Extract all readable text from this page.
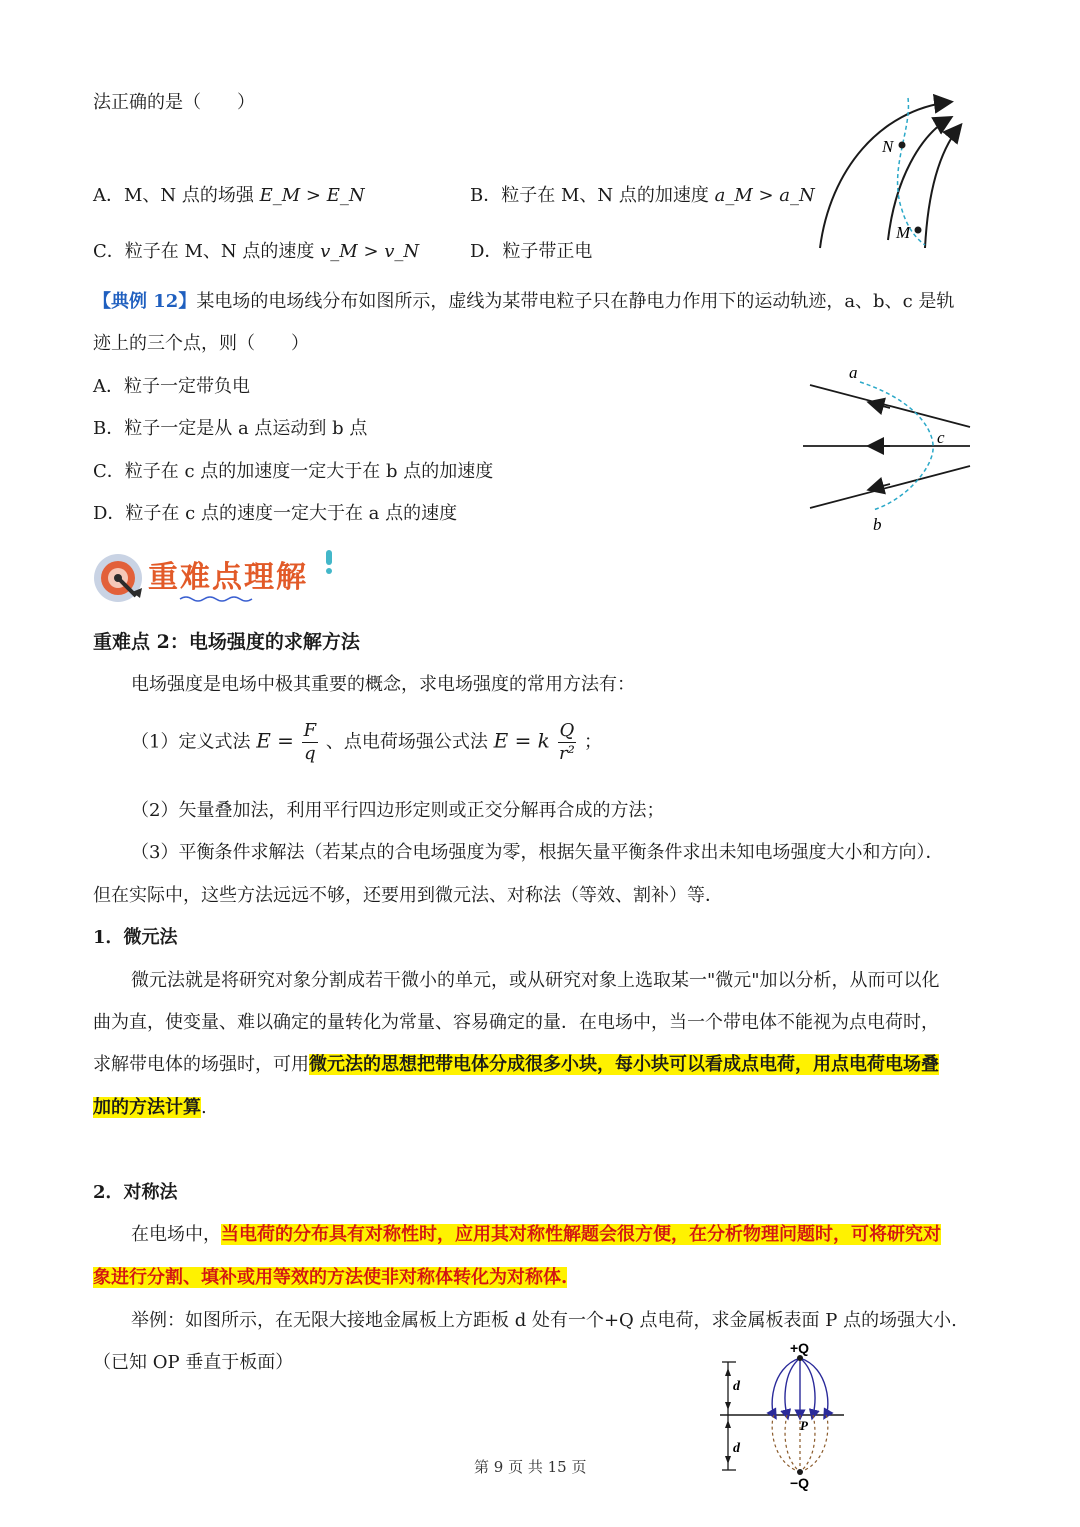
法正确的是（　　）
A．M、N 点的场强 E_M > E_N	B．粒子在 M、N 点的加速度 a_M > a_N
C．粒子在 M、N 点的速度 v_M > v_N	D．粒子带正电
N
M
【典例 12】某电场的电场线分布如图所示，虚线为某带电粒子只在静电力作用下的运动轨迹，a、b、c 是轨
迹上的三个点，则（　　）
A．粒子一定带负电
B．粒子一定是从 a 点运动到 b 点
C．粒子在 c 点的加速度一定大于在 b 点的加速度
D．粒子在 c 点的速度一定大于在 a 点的速度
a
c
b
重难点理解
重难点 2：电场强度的求解方法
电场强度是电场中极其重要的概念，求电场强度的常用方法有：
（1）定义式法 $E = \frac{F}{q}$ 、点电荷场强公式法 E = k $\frac{Q}{\text{r²}}$ ；
（2）矢量叠加法，利用平行四边形定则或正交分解再合成的方法；
（3）平衡条件求解法（若某点的合电场强度为零，根据矢量平衡条件求出未知电场强度大小和方向）．
但在实际中，这些方法远远不够，还要用到微元法、对称法（等效、割补）等．
1．微元法
微元法就是将研究对象分割成若干微小的单元，或从研究对象上选取某一"微元"加以分析，从而可以化
曲为直，使变量、难以确定的量转化为常量、容易确定的量．在电场中，当一个带电体不能视为点电荷时，
求解带电体的场强时，可用微元法的思想把带电体分成很多小块，每小块可以看成点电荷，用点电荷电场叠
加的方法计算.
2．对称法
在电场中，当电荷的分布具有对称性时，应用其对称性解题会很方便，在分析物理问题时，可将研究对
象进行分割、填补或用等效的方法使非对称体转化为对称体.
举例：如图所示，在无限大接地金属板上方距板 d 处有一个+Q 点电荷，求金属板表面 P 点的场强大小.
（已知 OP 垂直于板面）
+Q
−Q
d
d
P
第 9 页 共 15 页
